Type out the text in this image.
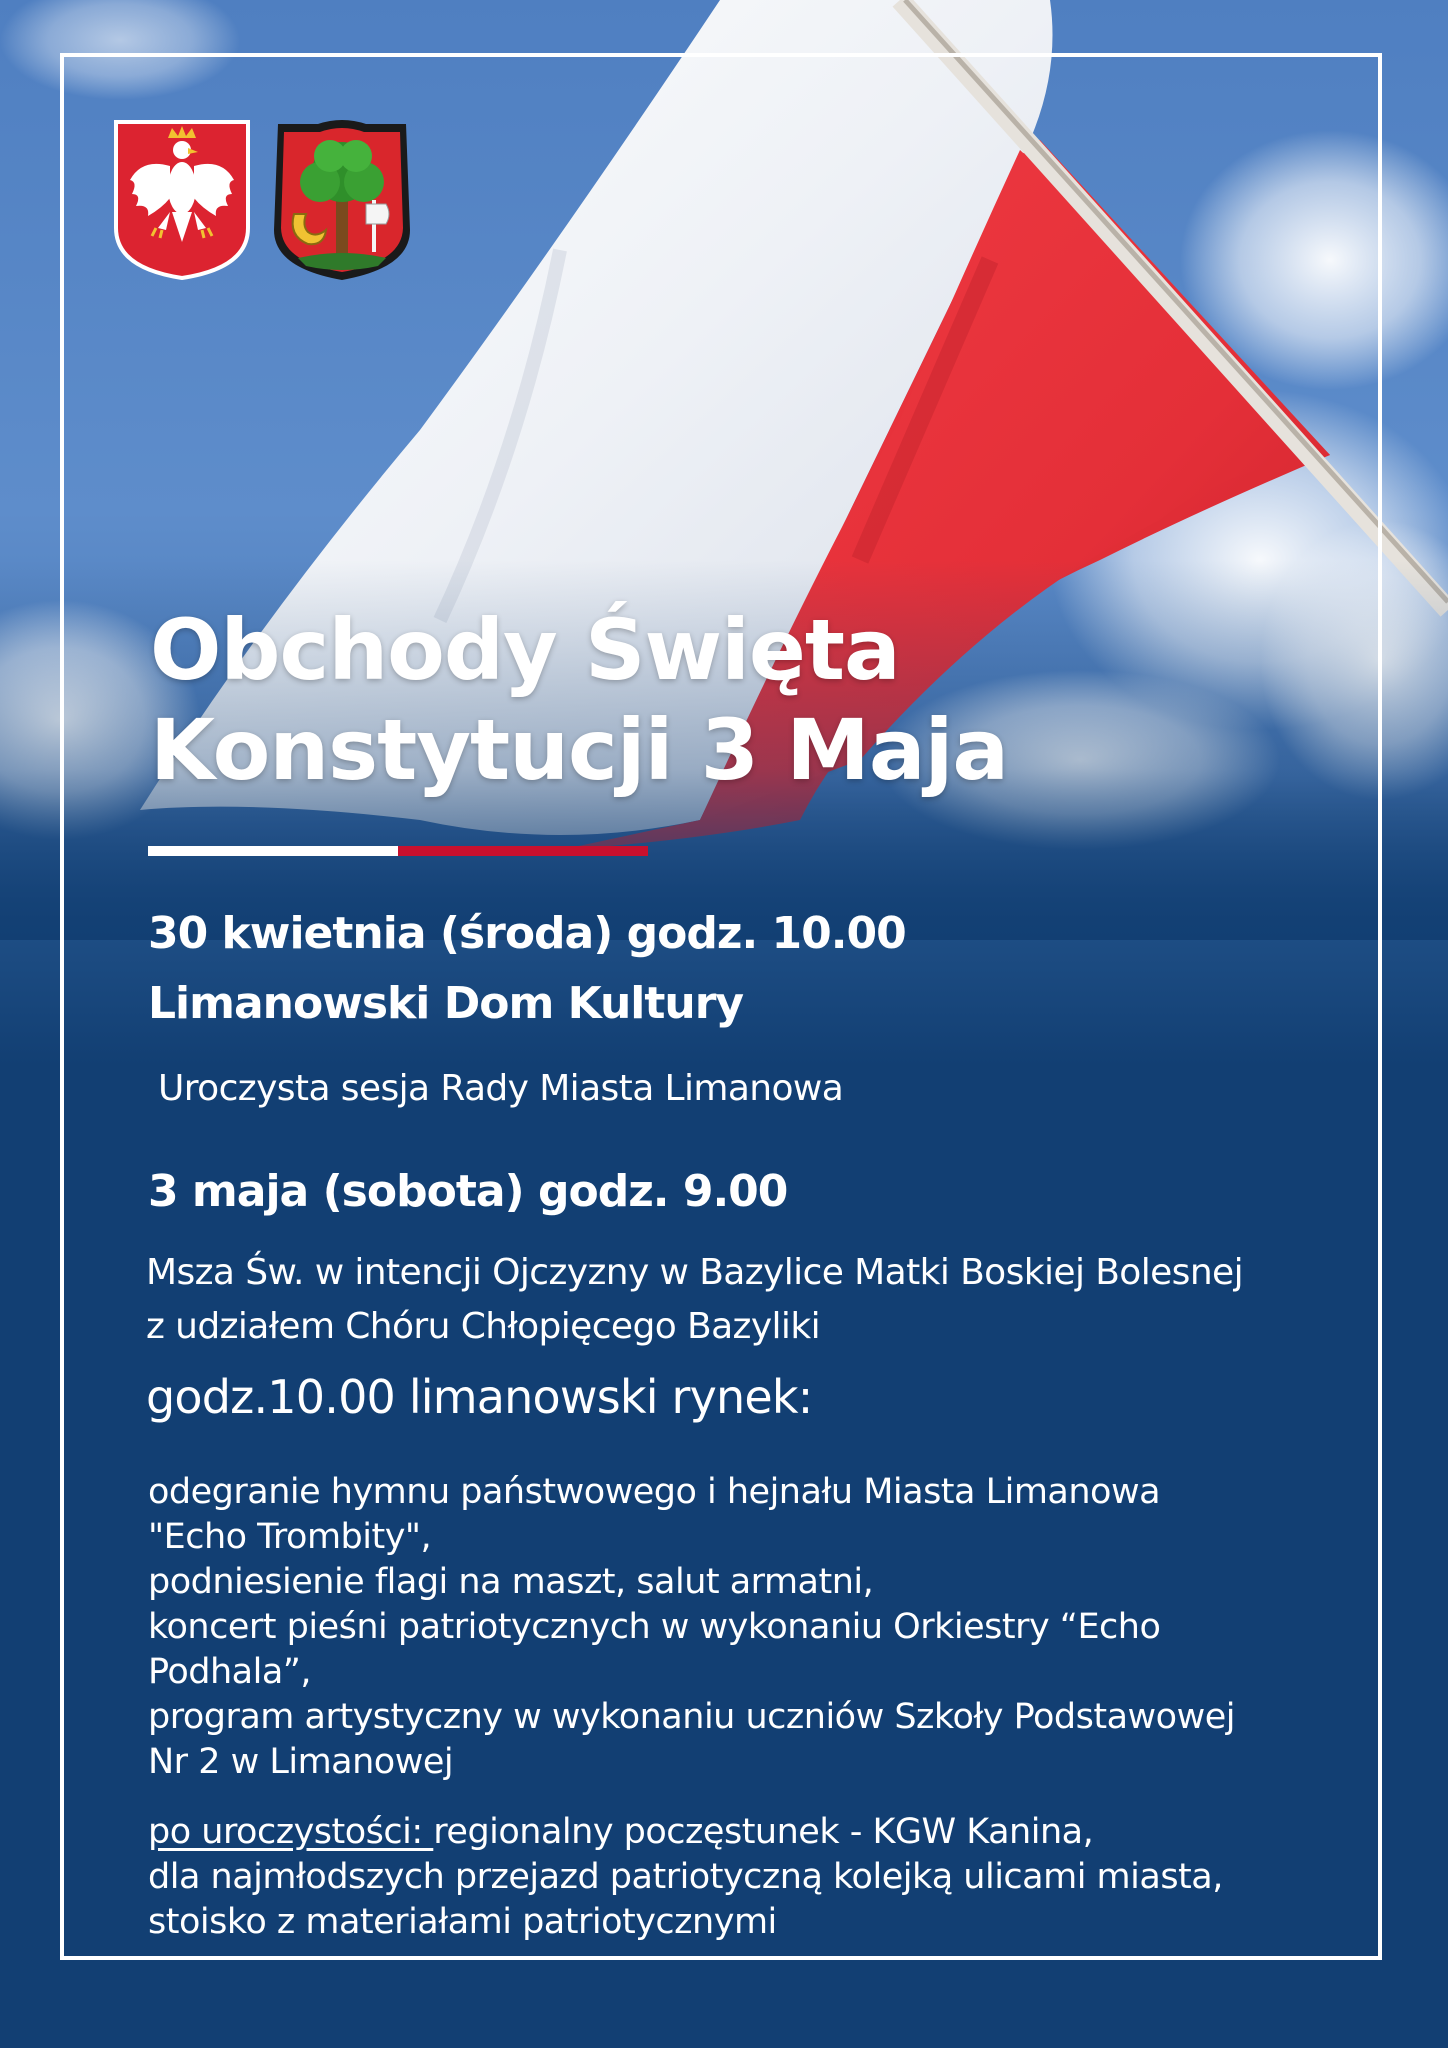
Obchody Święta
Konstytucji 3 Maja
30 kwietnia (środa) godz. 10.00
Limanowski Dom Kultury
Uroczysta sesja Rady Miasta Limanowa
3 maja (sobota) godz. 9.00
Msza Św. w intencji Ojczyzny w Bazylice Matki Boskiej Bolesnej
z udziałem Chóru Chłopięcego Bazyliki
godz.10.00 limanowski rynek:
odegranie hymnu państwowego i hejnału Miasta Limanowa
"Echo Trombity",
podniesienie flagi na maszt, salut armatni,
koncert pieśni patriotycznych w wykonaniu Orkiestry “Echo
Podhala”,
program artystyczny w wykonaniu uczniów Szkoły Podstawowej
Nr 2 w Limanowej
po uroczystości: regionalny poczęstunek - KGW Kanina,
dla najmłodszych przejazd patriotyczną kolejką ulicami miasta,
stoisko z materiałami patriotycznymi
